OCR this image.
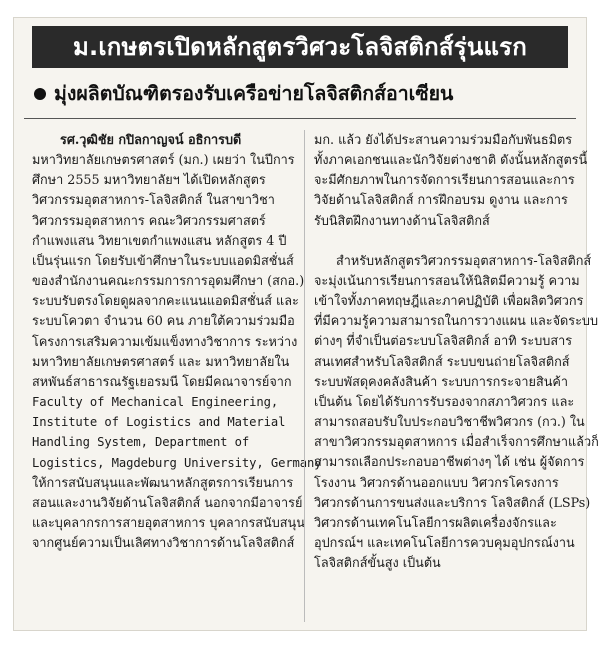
ม.เกษตรเปิดหลักสูตรวิศวะโลจิสติกส์รุ่นแรก
มุ่งผลิตบัณฑิตรองรับเครือข่ายโลจิสติกส์อาเซียน
รศ.วุฒิชัย กปิลกาญจน์ อธิการบดี
มหาวิทยาลัยเกษตรศาสตร์ (มก.) เผยว่า ในปีการ
ศึกษา 2555 มหาวิทยาลัยฯ ได้เปิดหลักสูตร
วิศวกรรมอุตสาหการ-โลจิสติกส์ ในสาขาวิชา
วิศวกรรมอุตสาหการ คณะวิศวกรรมศาสตร์
กำแพงแสน วิทยาเขตกำแพงแสน หลักสูตร 4 ปี
เป็นรุ่นแรก โดยรับเข้าศึกษาในระบบแอดมิสชั่นส์
ของสำนักงานคณะกรรมการการอุดมศึกษา (สกอ.)
ระบบรับตรงโดยดูผลจากคะแนนแอดมิสชั่นส์ และ
ระบบโควตา จำนวน 60 คน ภายใต้ความร่วมมือ
โครงการเสริมความเข้มแข็งทางวิชาการ ระหว่าง
มหาวิทยาลัยเกษตรศาสตร์ และ มหาวิทยาลัยใน
สหพันธ์สาธารณรัฐเยอรมนี โดยมีคณาจารย์จาก
Faculty of Mechanical Engineering,
Institute of Logistics and Material
Handling System, Department of
Logistics, Magdeburg University, Germany
ให้การสนับสนุนและพัฒนาหลักสูตรการเรียนการ
สอนและงานวิจัยด้านโลจิสติกส์ นอกจากมีอาจารย์
และบุคลากรการสายอุตสาหการ บุคลากรสนับสนุน
จากศูนย์ความเป็นเลิศทางวิชาการด้านโลจิสติกส์
มก. แล้ว ยังได้ประสานความร่วมมือกับพันธมิตร
ทั้งภาคเอกชนและนักวิจัยต่างชาติ ดังนั้นหลักสูตรนี้
จะมีศักยภาพในการจัดการเรียนการสอนและการ
วิจัยด้านโลจิสติกส์ การฝึกอบรม ดูงาน และการ
รับนิสิตฝึกงานทางด้านโลจิสติกส์
สำหรับหลักสูตรวิศวกรรมอุตสาหการ-โลจิสติกส์
จะมุ่งเน้นการเรียนการสอนให้นิสิตมีความรู้ ความ
เข้าใจทั้งภาคทฤษฎีและภาคปฏิบัติ เพื่อผลิตวิศวกร
ที่มีความรู้ความสามารถในการวางแผน และจัดระบบ
ต่างๆ ที่จำเป็นต่อระบบโลจิสติกส์ อาทิ ระบบสาร
สนเทศสำหรับโลจิสติกส์ ระบบขนถ่ายโลจิสติกส์
ระบบพัสดุคงคลังสินค้า ระบบการกระจายสินค้า
เป็นต้น โดยได้รับการรับรองจากสภาวิศวกร และ
สามารถสอบรับใบประกอบวิชาชีพวิศวกร (กว.) ใน
สาขาวิศวกรรมอุตสาหการ เมื่อสำเร็จการศึกษาแล้วก็
สามารถเลือกประกอบอาชีพต่างๆ ได้ เช่น ผู้จัดการ
โรงงาน วิศวกรด้านออกแบบ วิศวกรโครงการ
วิศวกรด้านการขนส่งและบริการ โลจิสติกส์ (LSPs)
วิศวกรด้านเทคโนโลยีการผลิตเครื่องจักรและ
อุปกรณ์ฯ และเทคโนโลยีการควบคุมอุปกรณ์งาน
โลจิสติกส์ขั้นสูง เป็นต้น
